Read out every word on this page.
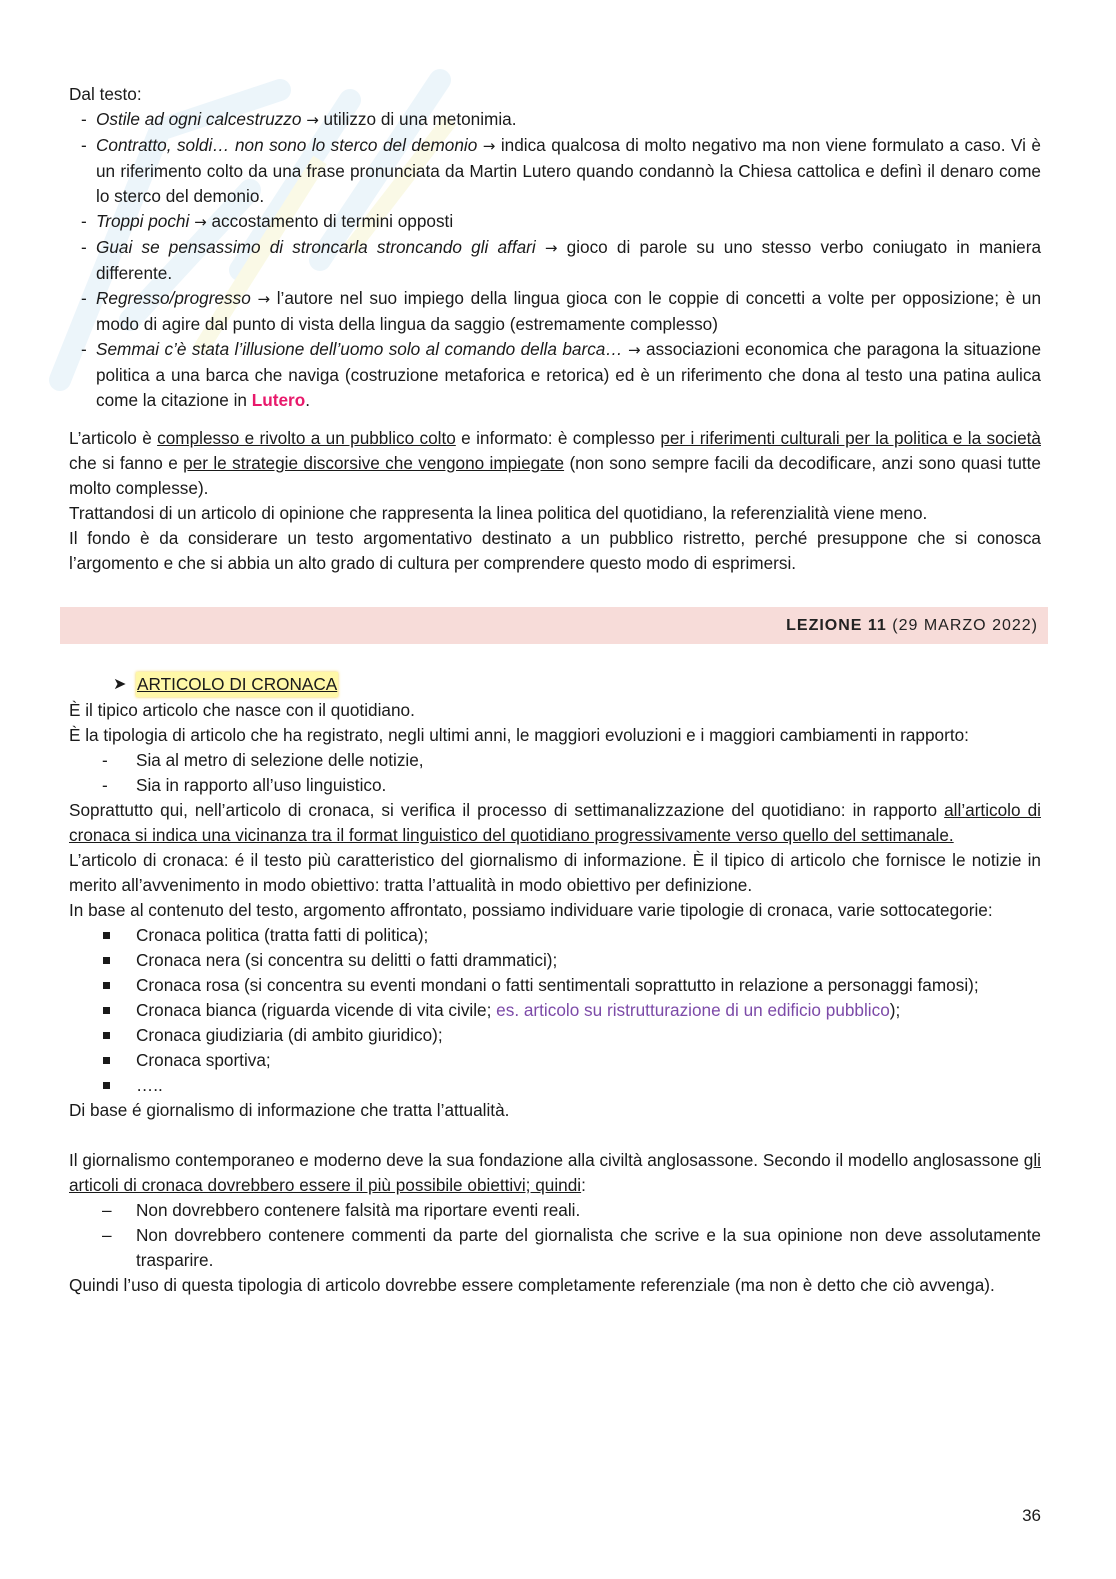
Dal testo:

- Ostile ad ogni calcestruzzo → utilizzo di una metonimia.
- Contratto, soldi… non sono lo sterco del demonio → indica qualcosa di molto negativo ma non viene formulato a caso. Vi è un riferimento colto da una frase pronunciata da Martin Lutero quando condannò la Chiesa cattolica e definì il denaro come lo sterco del demonio.
- Troppi pochi → accostamento di termini opposti
- Guai se pensassimo di stroncarla stroncando gli affari → gioco di parole su uno stesso verbo coniugato in maniera differente.
- Regresso/progresso → l’autore nel suo impiego della lingua gioca con le coppie di concetti a volte per opposizione; è un modo di agire dal punto di vista della lingua da saggio (estremamente complesso)
- Semmai c’è stata l’illusione dell’uomo solo al comando della barca… → associazioni economica che paragona la situazione politica a una barca che naviga (costruzione metaforica e retorica) ed è un riferimento che dona al testo una patina aulica come la citazione in Lutero.

L’articolo è complesso e rivolto a un pubblico colto e informato: è complesso per i riferimenti culturali per la politica e la società che si fanno e per le strategie discorsive che vengono impiegate (non sono sempre facili da decodificare, anzi sono quasi tutte molto complesse).

Trattandosi di un articolo di opinione che rappresenta la linea politica del quotidiano, la referenzialità viene meno.

Il fondo è da considerare un testo argomentativo destinato a un pubblico ristretto, perché presuppone che si conosca l’argomento e che si abbia un alto grado di cultura per comprendere questo modo di esprimersi.

LEZIONE 11 (29 MARZO 2022)
➤ ARTICOLO DI CRONACA

È il tipico articolo che nasce con il quotidiano.

È la tipologia di articolo che ha registrato, negli ultimi anni, le maggiori evoluzioni e i maggiori cambiamenti in rapporto:

- Sia al metro di selezione delle notizie,
- Sia in rapporto all’uso linguistico.

Soprattutto qui, nell’articolo di cronaca, si verifica il processo di settimanalizzazione del quotidiano: in rapporto all’articolo di cronaca si indica una vicinanza tra il format linguistico del quotidiano progressivamente verso quello del settimanale.

L’articolo di cronaca: é il testo più caratteristico del giornalismo di informazione. È il tipico di articolo che fornisce le notizie in merito all’avvenimento in modo obiettivo: tratta l’attualità in modo obiettivo per definizione.

In base al contenuto del testo, argomento affrontato, possiamo individuare varie tipologie di cronaca, varie sottocategorie:

Cronaca politica (tratta fatti di politica);
Cronaca nera (si concentra su delitti o fatti drammatici);
Cronaca rosa (si concentra su eventi mondani o fatti sentimentali soprattutto in relazione a personaggi famosi);
Cronaca bianca (riguarda vicende di vita civile; es. articolo su ristrutturazione di un edificio pubblico);
Cronaca giudiziaria (di ambito giuridico);
Cronaca sportiva;
…..

Di base é giornalismo di informazione che tratta l’attualità.

Il giornalismo contemporaneo e moderno deve la sua fondazione alla civiltà anglosassone. Secondo il modello anglosassone gli articoli di cronaca dovrebbero essere il più possibile obiettivi; quindi:

– Non dovrebbero contenere falsità ma riportare eventi reali.
– Non dovrebbero contenere commenti da parte del giornalista che scrive e la sua opinione non deve assolutamente trasparire.

Quindi l’uso di questa tipologia di articolo dovrebbe essere completamente referenziale (ma non è detto che ciò avvenga).

36
